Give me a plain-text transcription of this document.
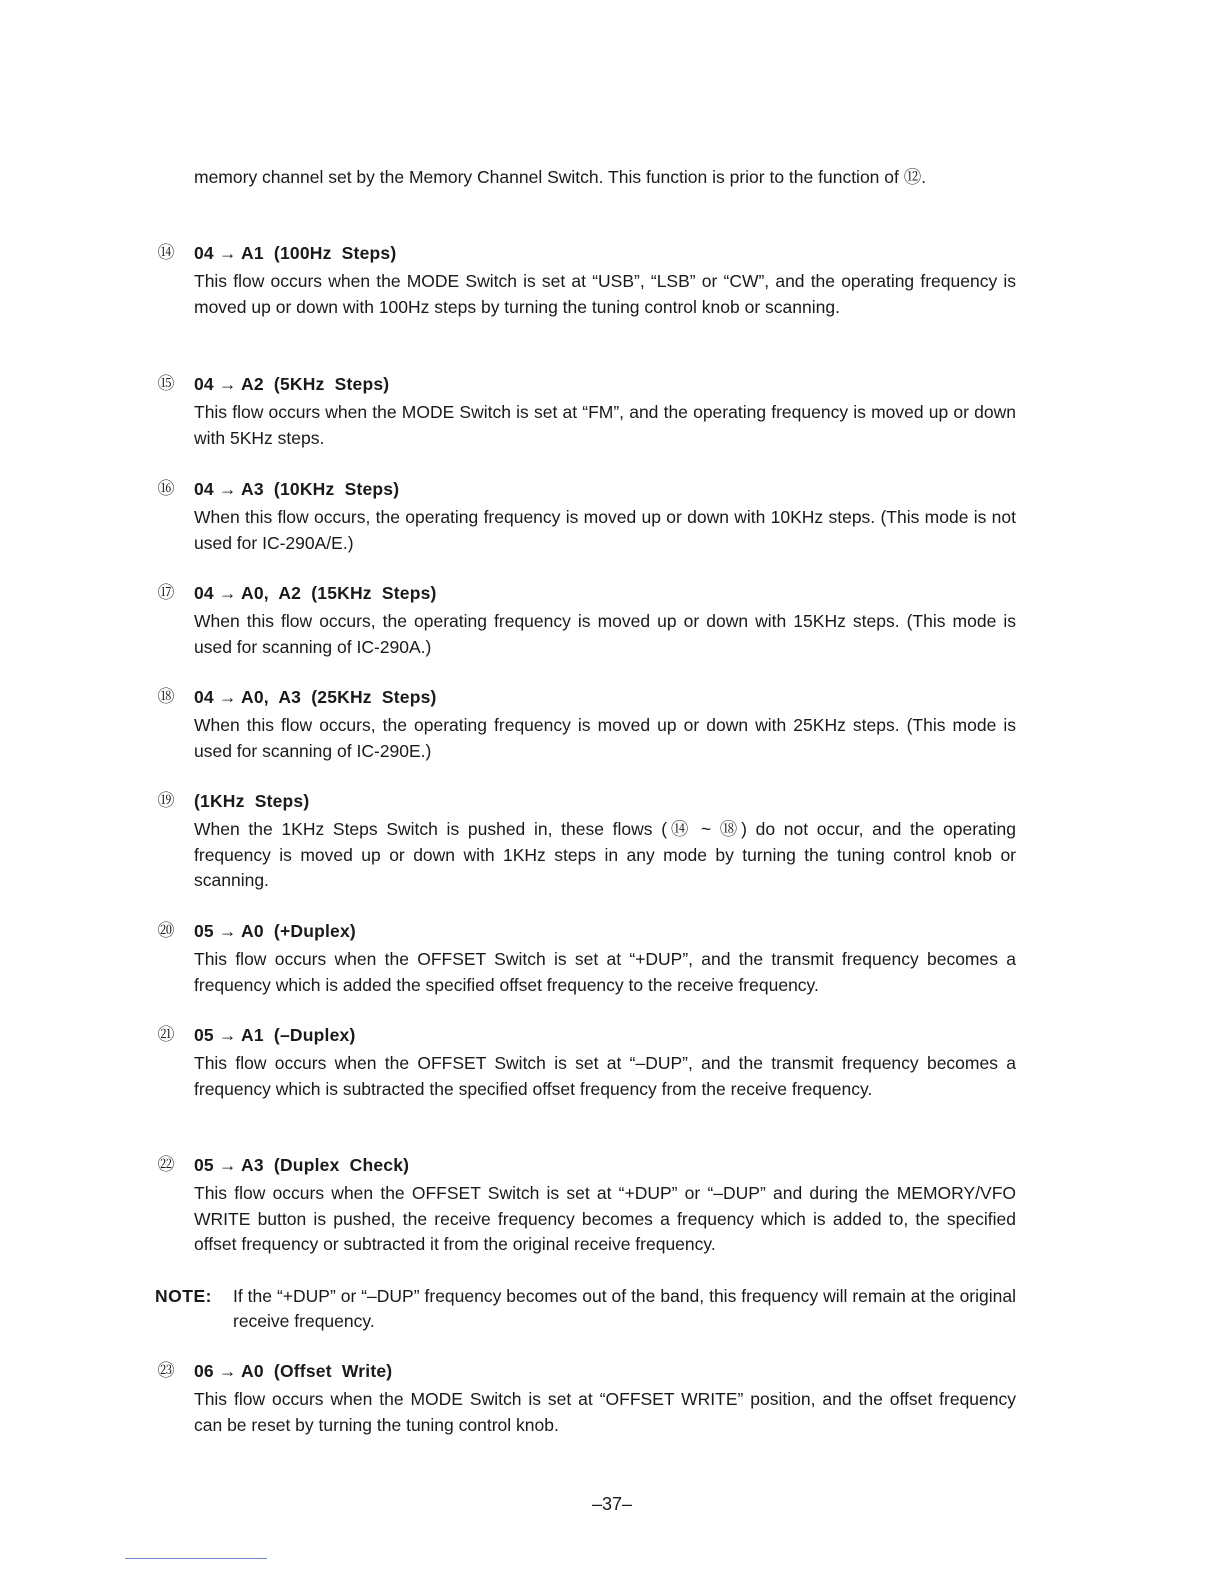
memory channel set by the Memory Channel Switch. This function is prior to the function of ⑫.
⑭	04 → A1  (100Hz  Steps)
This flow occurs when the MODE Switch is set at “USB”, “LSB” or “CW”, and the operating frequency is moved up or down with 100Hz steps by turning the tuning control knob or scanning.
⑮	04 → A2  (5KHz  Steps)
This flow occurs when the MODE Switch is set at “FM”, and the operating frequency is moved up or down with 5KHz steps.
⑯	04 → A3  (10KHz  Steps)
When this flow occurs, the operating frequency is moved up or down with 10KHz steps. (This mode is not used for IC-290A/E.)
⑰	04 → A0,  A2  (15KHz  Steps)
When this flow occurs, the operating frequency is moved up or down with 15KHz steps. (This mode is used for scanning of IC-290A.)
⑱	04 → A0,  A3  (25KHz  Steps)
When this flow occurs, the operating frequency is moved up or down with 25KHz steps. (This mode is used for scanning of IC-290E.)
⑲	(1KHz  Steps)
When the 1KHz Steps Switch is pushed in, these flows (⑭ ~ ⑱) do not occur, and the operating frequency is moved up or down with 1KHz steps in any mode by turning the tuning control knob or scanning.
⑳	05 → A0  (+Duplex)
This flow occurs when the OFFSET Switch is set at “+DUP”, and the transmit frequency becomes a frequency which is added the specified offset frequency to the receive frequency.
㉑	05 → A1  (–Duplex)
This flow occurs when the OFFSET Switch is set at “–DUP”, and the transmit frequency becomes a frequency which is subtracted the specified offset frequency from the receive frequency.
㉒	05 → A3  (Duplex  Check)
This flow occurs when the OFFSET Switch is set at “+DUP” or “–DUP” and during the MEMORY/VFO WRITE button is pushed, the receive frequency becomes a frequency which is added to, the specified offset frequency or subtracted it from the original receive frequency.
NOTE: If the “+DUP” or “–DUP” frequency becomes out of the band, this frequency will remain at the original receive frequency.
㉓	06 → A0  (Offset  Write)
This flow occurs when the MODE Switch is set at “OFFSET WRITE” position, and the offset frequency can be reset by turning the tuning control knob.
–37–
